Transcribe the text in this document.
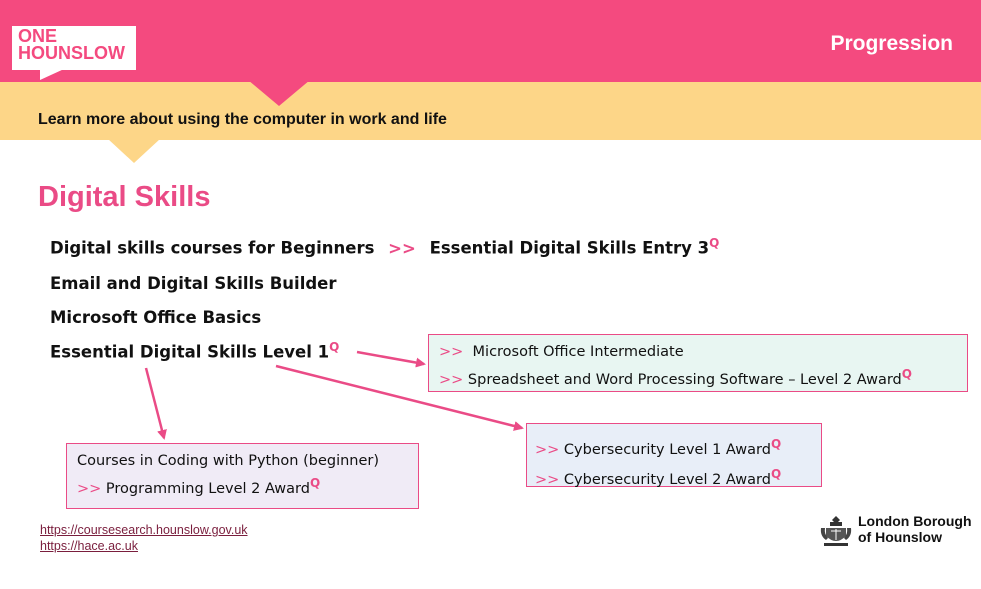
Learn more about using the computer in work and life
ONE
HOUNSLOW	Progression
Digital Skills
Digital skills courses for Beginners >> Essential Digital Skills Entry $3^Q$
Email and Digital Skills Builder
Microsoft Office Basics
Essential Digital Skills Level $1^Q$	>> Microsoft Office Intermediate
>> Spreadsheet and Word Processing Software – Level 2 Award$^Q$
>> Cybersecurity Level 1 Award$^Q$
>> Cybersecurity Level 2 Award$^Q$
Courses in Coding with Python (beginner)
>> Programming Level 2 Award$^Q$
https://coursesearch.hounslow.gov.uk
https://hace.ac.uk
London Borough
of Hounslow
